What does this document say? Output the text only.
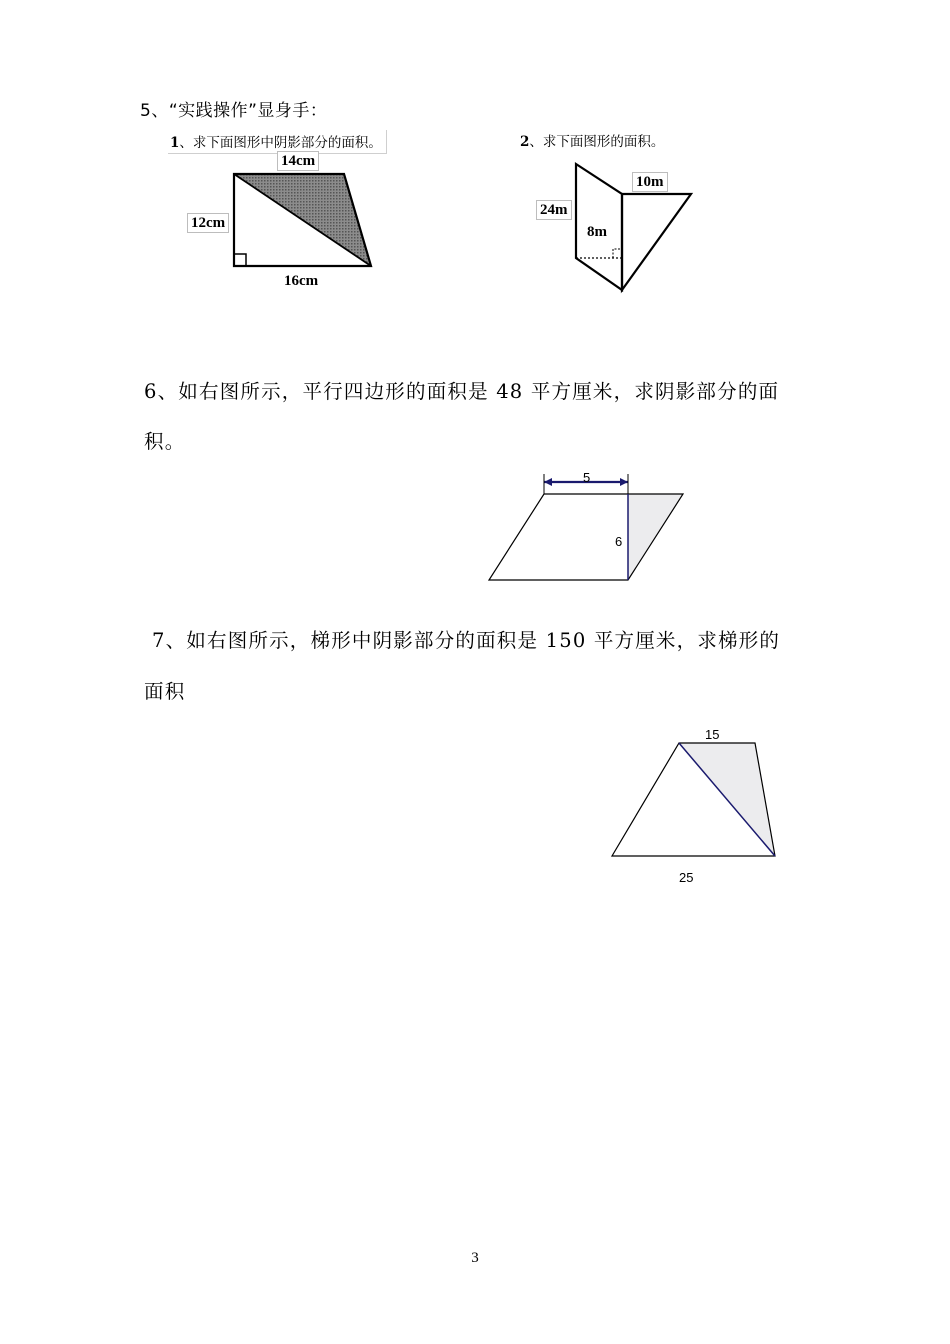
5、“实践操作”显身手：
1、求下面图形中阴影部分的面积。	2、求下面图形的面积。
14cm
12cm
16cm
24m
10m
8m
6、如右图所示，平行四边形的面积是 48 平方厘米，求阴影部分的面
积。
5
6
7、如右图所示，梯形中阴影部分的面积是 150 平方厘米，求梯形的
面积
15
25
3
